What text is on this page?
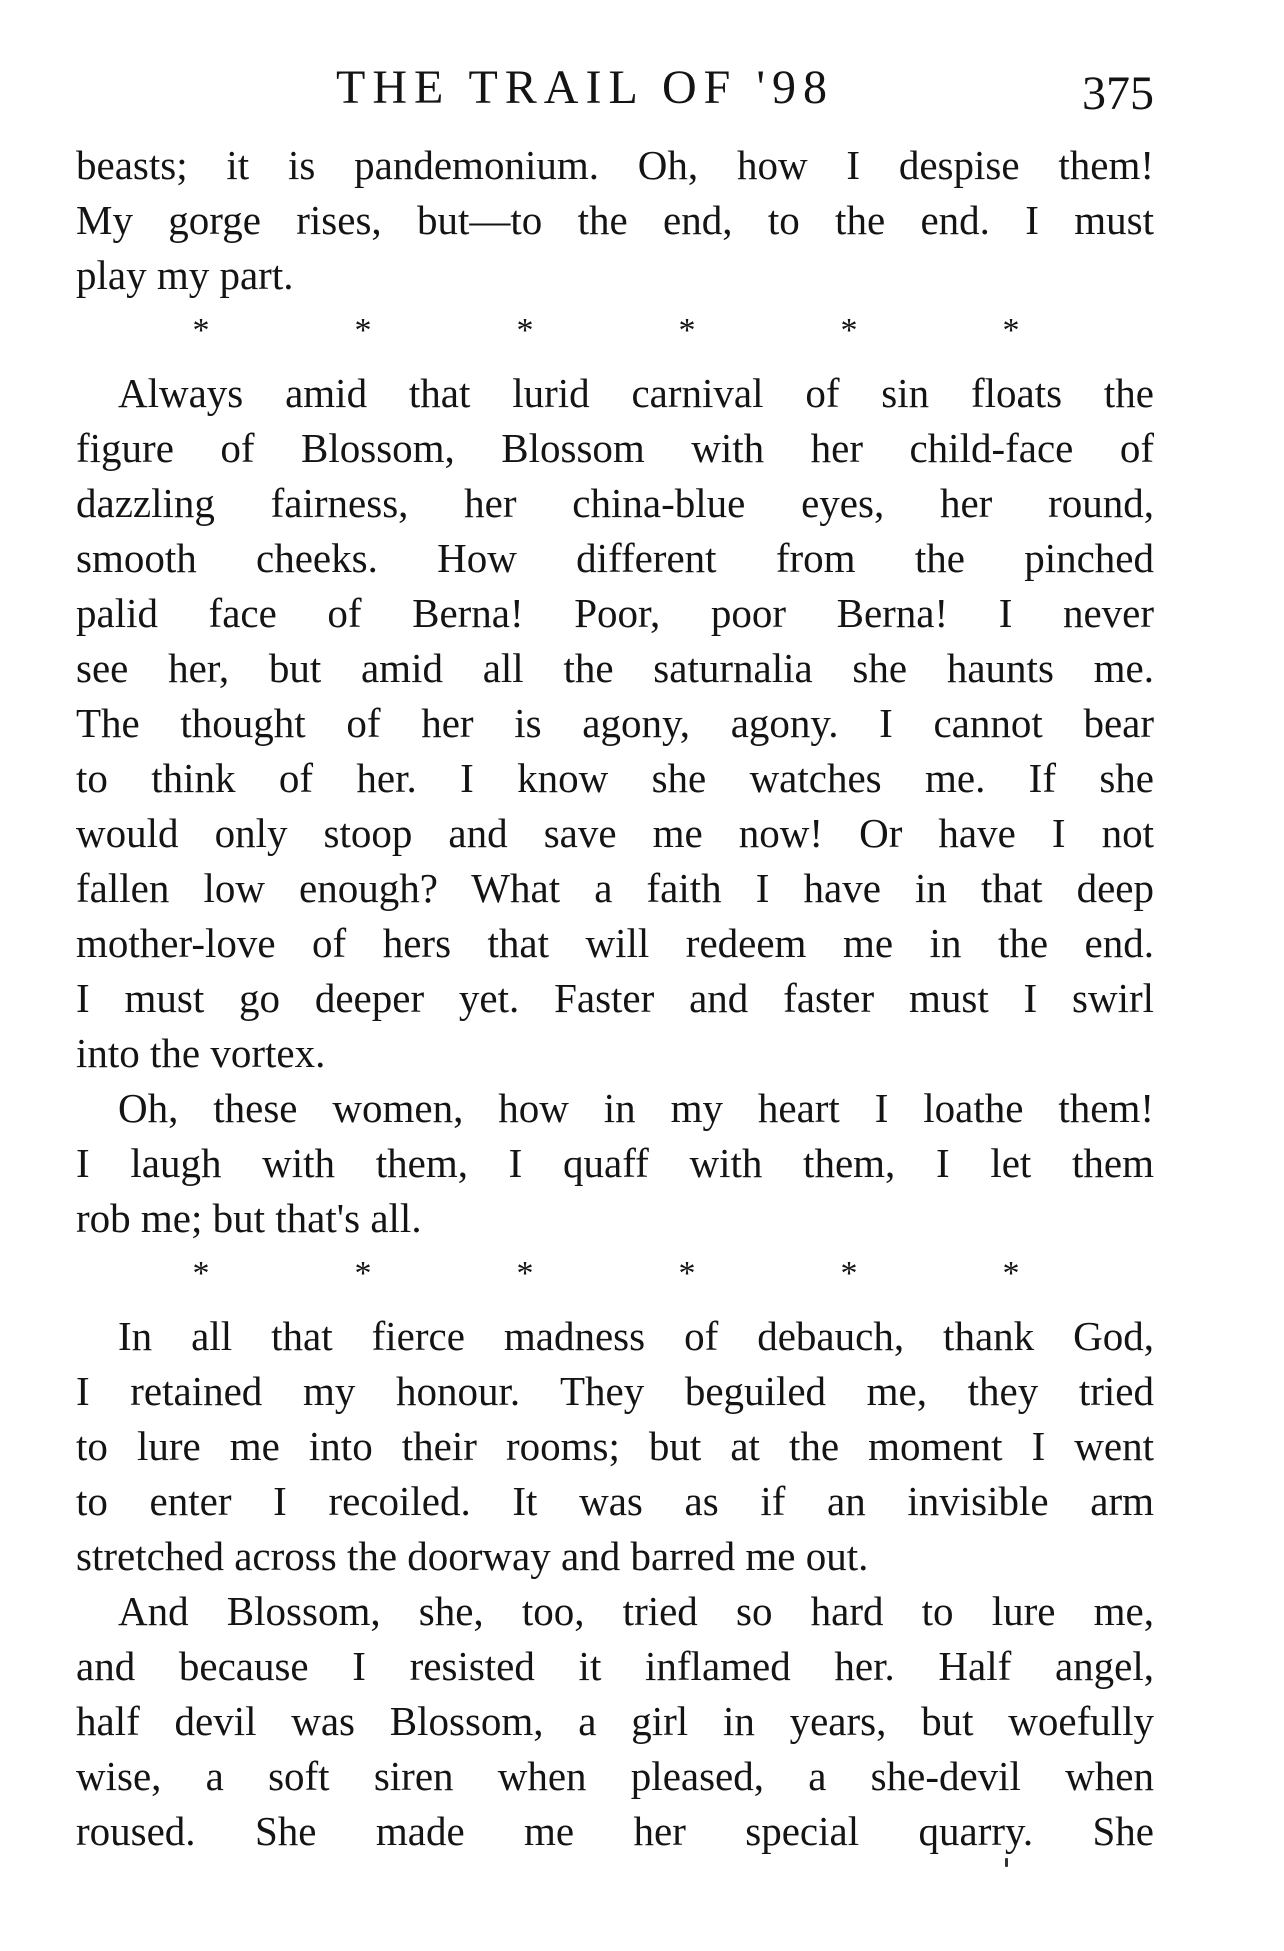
THE TRAIL OF '98	375
beasts; it is pandemonium. Oh, how I despise them!
My gorge rises, but—to the end, to the end. I must
play my part.
*	*	*	*	*	*
Always amid that lurid carnival of sin floats the
figure of Blossom, Blossom with her child-face of
dazzling fairness, her china-blue eyes, her round,
smooth cheeks. How different from the pinched
palid face of Berna! Poor, poor Berna! I never
see her, but amid all the saturnalia she haunts me.
The thought of her is agony, agony. I cannot bear
to think of her. I know she watches me. If she
would only stoop and save me now! Or have I not
fallen low enough? What a faith I have in that deep
mother-love of hers that will redeem me in the end.
I must go deeper yet. Faster and faster must I swirl
into the vortex.
Oh, these women, how in my heart I loathe them!
I laugh with them, I quaff with them, I let them
rob me; but that's all.
*	*	*	*	*	*
In all that fierce madness of debauch, thank God,
I retained my honour. They beguiled me, they tried
to lure me into their rooms; but at the moment I went
to enter I recoiled. It was as if an invisible arm
stretched across the doorway and barred me out.
And Blossom, she, too, tried so hard to lure me,
and because I resisted it inflamed her. Half angel,
half devil was Blossom, a girl in years, but woefully
wise, a soft siren when pleased, a she-devil when
roused. She made me her special quarry. She
